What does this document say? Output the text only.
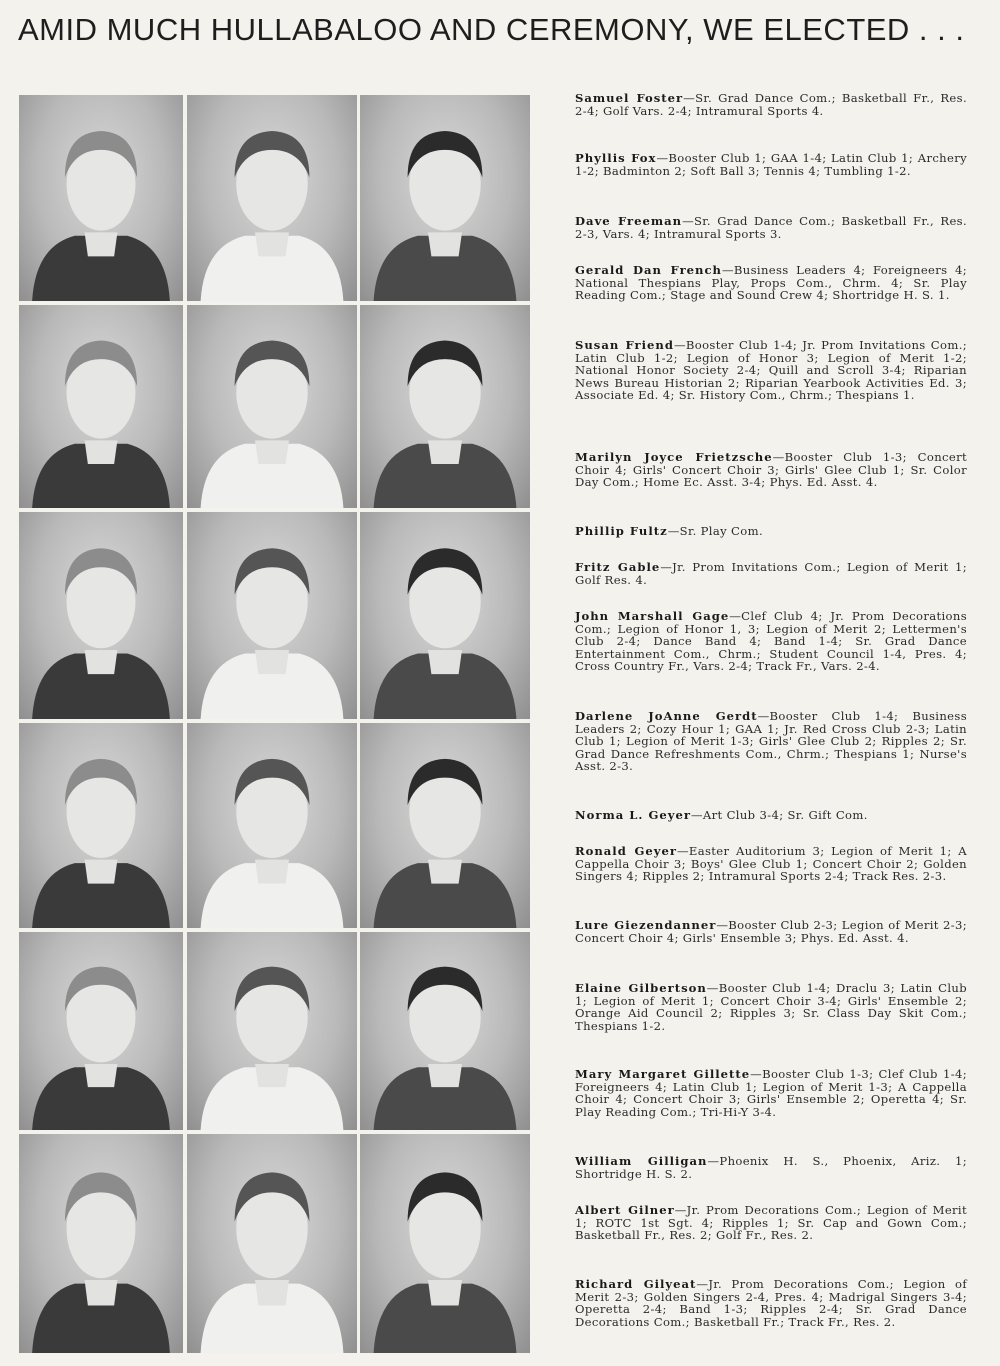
AMID MUCH HULLABALOO AND CEREMONY, WE ELECTED . . .

Samuel Foster—Sr. Grad Dance Com.; Basketball Fr., Res. 2-4; Golf Vars. 2-4; Intramural Sports 4.

Phyllis Fox—Booster Club 1; GAA 1-4; Latin Club 1; Archery 1-2; Badminton 2; Soft Ball 3; Tennis 4; Tumbling 1-2.

Dave Freeman—Sr. Grad Dance Com.; Basketball Fr., Res. 2-3, Vars. 4; Intramural Sports 3.

Gerald Dan French—Business Leaders 4; Foreigneers 4; National Thespians Play, Props Com., Chrm. 4; Sr. Play Reading Com.; Stage and Sound Crew 4; Shortridge H. S. 1.

Susan Friend—Booster Club 1-4; Jr. Prom Invitations Com.; Latin Club 1-2; Legion of Honor 3; Legion of Merit 1-2; National Honor Society 2-4; Quill and Scroll 3-4; Riparian News Bureau Historian 2; Riparian Yearbook Activities Ed. 3; Associate Ed. 4; Sr. History Com., Chrm.; Thespians 1.

Marilyn Joyce Frietzsche—Booster Club 1-3; Concert Choir 4; Girls' Concert Choir 3; Girls' Glee Club 1; Sr. Color Day Com.; Home Ec. Asst. 3-4; Phys. Ed. Asst. 4.

Phillip Fultz—Sr. Play Com.

Fritz Gable—Jr. Prom Invitations Com.; Legion of Merit 1; Golf Res. 4.

John Marshall Gage—Clef Club 4; Jr. Prom Decorations Com.; Legion of Honor 1, 3; Legion of Merit 2; Lettermen's Club 2-4; Dance Band 4; Band 1-4; Sr. Grad Dance Entertainment Com., Chrm.; Student Council 1-4, Pres. 4; Cross Country Fr., Vars. 2-4; Track Fr., Vars. 2-4.

Darlene JoAnne Gerdt—Booster Club 1-4; Business Leaders 2; Cozy Hour 1; GAA 1; Jr. Red Cross Club 2-3; Latin Club 1; Legion of Merit 1-3; Girls' Glee Club 2; Ripples 2; Sr. Grad Dance Refreshments Com., Chrm.; Thespians 1; Nurse's Asst. 2-3.

Norma L. Geyer—Art Club 3-4; Sr. Gift Com.

Ronald Geyer—Easter Auditorium 3; Legion of Merit 1; A Cappella Choir 3; Boys' Glee Club 1; Concert Choir 2; Golden Singers 4; Ripples 2; Intramural Sports 2-4; Track Res. 2-3.

Lure Giezendanner—Booster Club 2-3; Legion of Merit 2-3; Concert Choir 4; Girls' Ensemble 3; Phys. Ed. Asst. 4.

Elaine Gilbertson—Booster Club 1-4; Draclu 3; Latin Club 1; Legion of Merit 1; Concert Choir 3-4; Girls' Ensemble 2; Orange Aid Council 2; Ripples 3; Sr. Class Day Skit Com.; Thespians 1-2.

Mary Margaret Gillette—Booster Club 1-3; Clef Club 1-4; Foreigneers 4; Latin Club 1; Legion of Merit 1-3; A Cappella Choir 4; Concert Choir 3; Girls' Ensemble 2; Operetta 4; Sr. Play Reading Com.; Tri-Hi-Y 3-4.

William Gilligan—Phoenix H. S., Phoenix, Ariz. 1; Shortridge H. S. 2.

Albert Gilner—Jr. Prom Decorations Com.; Legion of Merit 1; ROTC 1st Sgt. 4; Ripples 1; Sr. Cap and Gown Com.; Basketball Fr., Res. 2; Golf Fr., Res. 2.

Richard Gilyeat—Jr. Prom Decorations Com.; Legion of Merit 2-3; Golden Singers 2-4, Pres. 4; Madrigal Singers 3-4; Operetta 2-4; Band 1-3; Ripples 2-4; Sr. Grad Dance Decorations Com.; Basketball Fr.; Track Fr., Res. 2.
